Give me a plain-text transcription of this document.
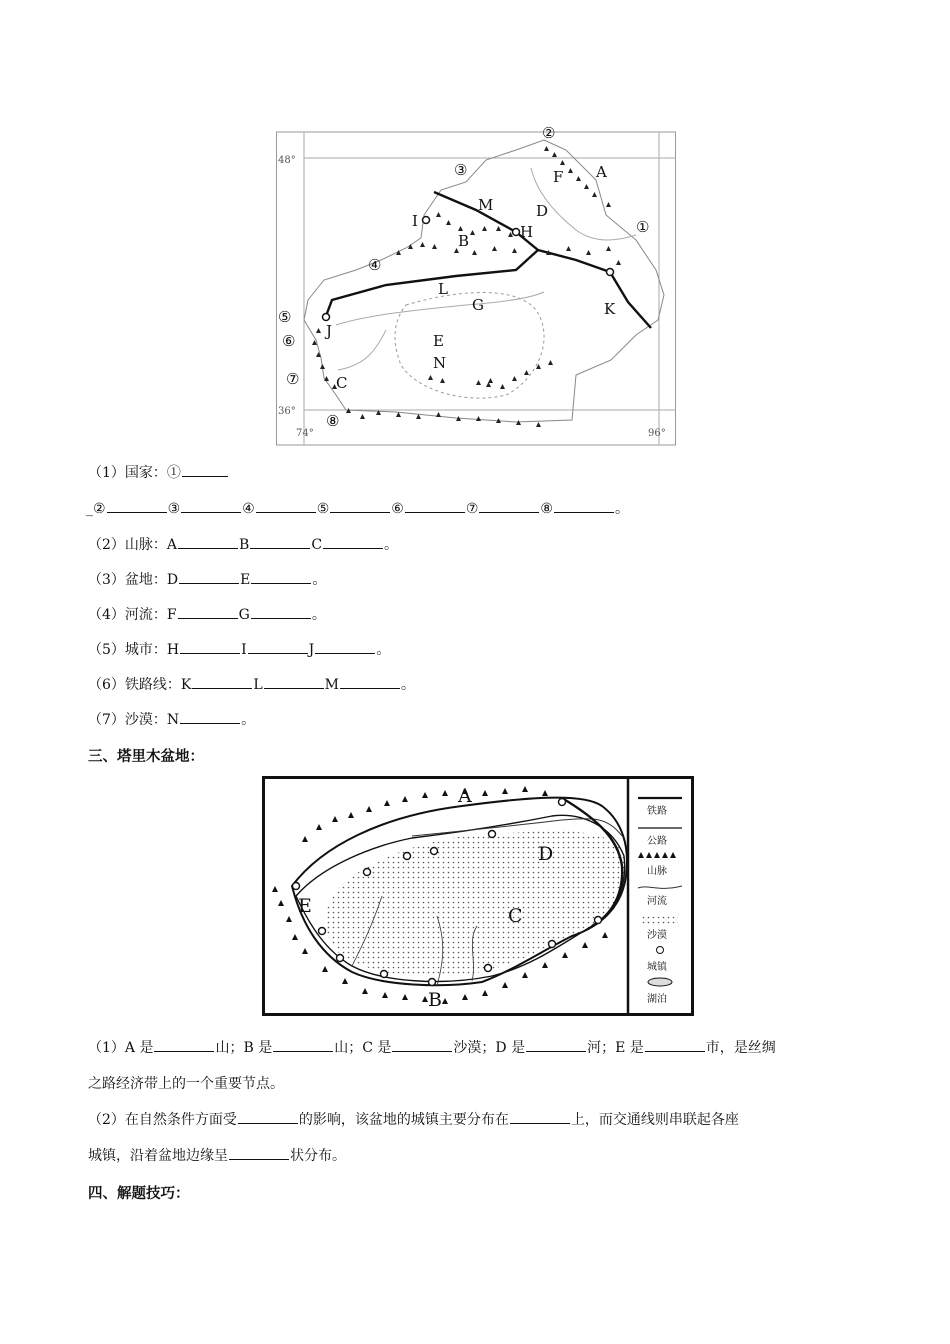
48°
36°
74°	96°
②
③	A
F
M	D
①
I
H
B
④
L
G	K
⑤
J
⑥	E
N
⑦ C
⑧
（1）国家：①
_②	③	④	⑤	⑥	⑦	⑧	。
（2）山脉：A	B	C	。
（3）盆地：D	E	。
（4）河流：F	G	。
（5）城市：H	I	J	。
（6）铁路线：K	L	M	。
（7）沙漠：N	。
三、塔里木盆地：
A
D
C
E
B
铁路
公路
山脉
河流
沙漠
城镇
湖泊
（1）A 是	山；B 是	山；C 是	沙漠；D 是	河；E 是	市，是丝绸
之路经济带上的一个重要节点。
（2）在自然条件方面受	的影响，该盆地的城镇主要分布在	上，而交通线则串联起各座
城镇，沿着盆地边缘呈	状分布。
四、解题技巧：
